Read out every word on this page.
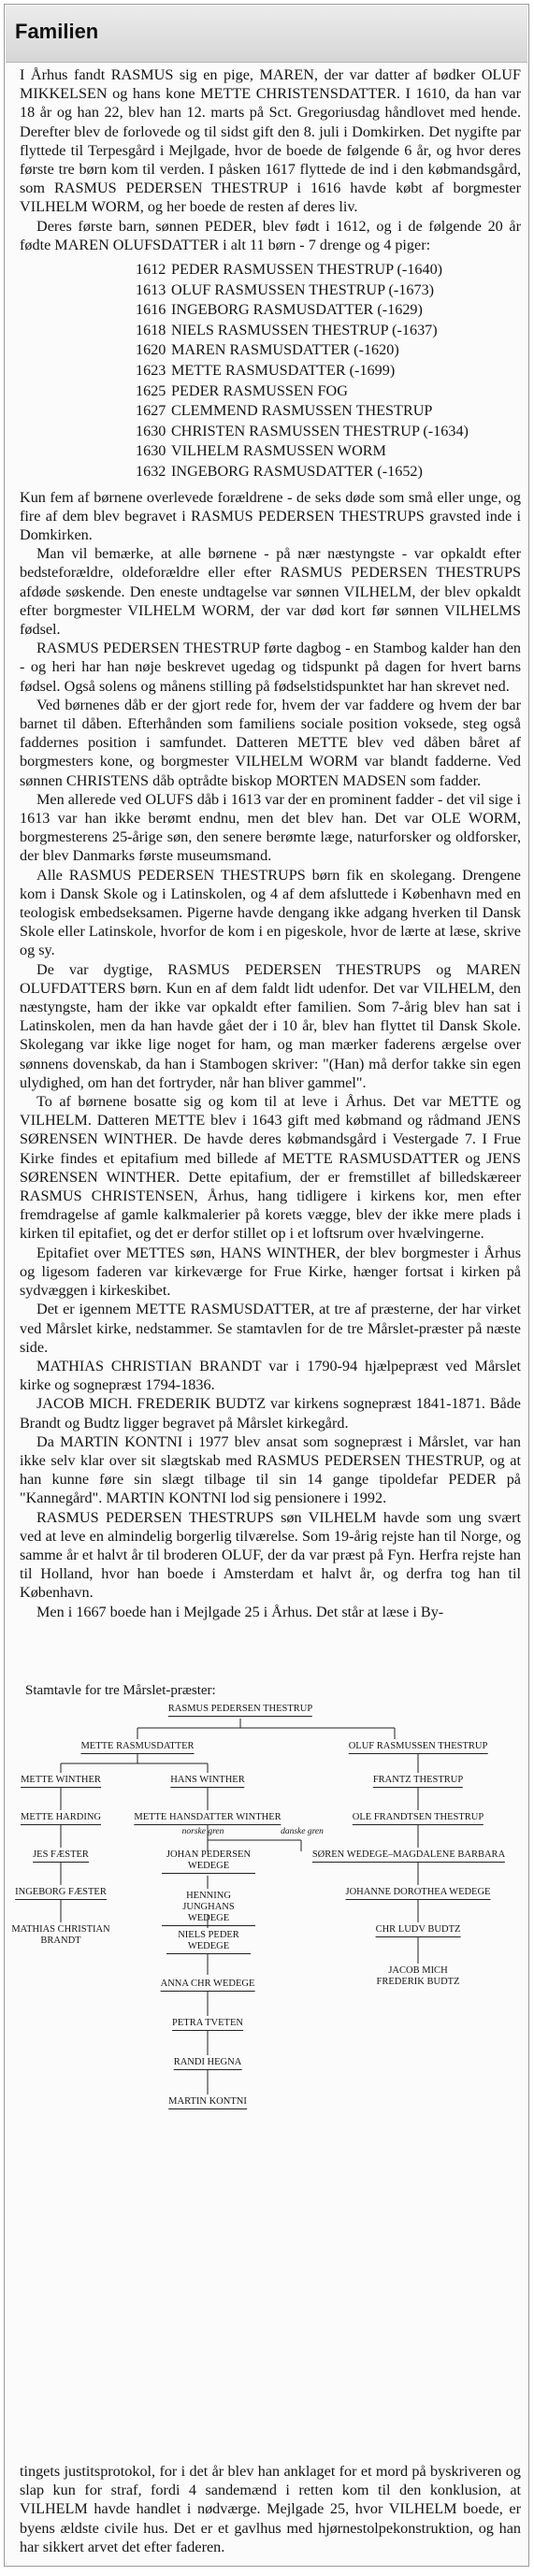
Familien

I Århus fandt RASMUS sig en pige, MAREN, der var datter af bødker OLUF MIKKELSEN og hans kone METTE CHRISTENSDATTER. I 1610, da han var 18 år og han 22, blev han 12. marts på Sct. Gregoriusdag håndlovet med hende. Derefter blev de forlovede og til sidst gift den 8. juli i Domkirken. Det nygifte par flyttede til Terpesgård i Mejlgade, hvor de boede de følgende 6 år, og hvor deres første tre børn kom til verden. I påsken 1617 flyttede de ind i den købmandsgård, som RASMUS PEDERSEN THESTRUP i 1616 havde købt af borgmester VILHELM WORM, og her boede de resten af deres liv.

Deres første barn, sønnen PEDER, blev født i 1612, og i de følgende 20 år fødte MAREN OLUFSDATTER i alt 11 børn - 7 drenge og 4 piger:

1612 PEDER RASMUSSEN THESTRUP (-1640)
1613 OLUF RASMUSSEN THESTRUP (-1673)
1616 INGEBORG RASMUSDATTER (-1629)
1618 NIELS RASMUSSEN THESTRUP (-1637)
1620 MAREN RASMUSDATTER (-1620)
1623 METTE RASMUSDATTER (-1699)
1625 PEDER RASMUSSEN FOG
1627 CLEMMEND RASMUSSEN THESTRUP
1630 CHRISTEN RASMUSSEN THESTRUP (-1634)
1630 VILHELM RASMUSSEN WORM
1632 INGEBORG RASMUSDATTER (-1652)

Kun fem af børnene overlevede forældrene - de seks døde som små eller unge, og fire af dem blev begravet i RASMUS PEDERSEN THESTRUPS gravsted inde i Domkirken.

Man vil bemærke, at alle børnene - på nær næstyngste - var opkaldt efter bedsteforældre, oldeforældre eller efter RASMUS PEDERSEN THESTRUPS afdøde søskende. Den eneste undtagelse var sønnen VILHELM, der blev opkaldt efter borgmester VILHELM WORM, der var død kort før sønnen VILHELMS fødsel.

RASMUS PEDERSEN THESTRUP førte dagbog - en Stambog kalder han den - og heri har han nøje beskrevet ugedag og tidspunkt på dagen for hvert barns fødsel. Også solens og månens stilling på fødselstidspunktet har han skrevet ned.

Ved børnenes dåb er der gjort rede for, hvem der var faddere og hvem der bar barnet til dåben. Efterhånden som familiens sociale position voksede, steg også faddernes position i samfundet. Datteren METTE blev ved dåben båret af borgmesters kone, og borgmester VILHELM WORM var blandt fadderne. Ved sønnen CHRISTENS dåb optrådte biskop MORTEN MADSEN som fadder.

Men allerede ved OLUFS dåb i 1613 var der en prominent fadder - det vil sige i 1613 var han ikke berømt endnu, men det blev han. Det var OLE WORM, borgmesterens 25-årige søn, den senere berømte læge, naturforsker og oldforsker, der blev Danmarks første museumsmand.

Alle RASMUS PEDERSEN THESTRUPS børn fik en skolegang. Drengene kom i Dansk Skole og i Latinskolen, og 4 af dem afsluttede i København med en teologisk embedseksamen. Pigerne havde dengang ikke adgang hverken til Dansk Skole eller Latinskole, hvorfor de kom i en pigeskole, hvor de lærte at læse, skrive og sy.

De var dygtige, RASMUS PEDERSEN THESTRUPS og MAREN OLUFDATTERS børn. Kun en af dem faldt lidt udenfor. Det var VILHELM, den næstyngste, ham der ikke var opkaldt efter familien. Som 7-årig blev han sat i Latinskolen, men da han havde gået der i 10 år, blev han flyttet til Dansk Skole. Skolegang var ikke lige noget for ham, og man mærker faderens ærgelse over sønnens dovenskab, da han i Stambogen skriver: "(Han) må derfor takke sin egen ulydighed, om han det fortryder, når han bliver gammel".

To af børnene bosatte sig og kom til at leve i Århus. Det var METTE og VILHELM. Datteren METTE blev i 1643 gift med købmand og rådmand JENS SØRENSEN WINTHER. De havde deres købmandsgård i Vestergade 7. I Frue Kirke findes et epitafium med billede af METTE RASMUSDATTER og JENS SØRENSEN WINTHER. Dette epitafium, der er fremstillet af billedskæreer RASMUS CHRISTENSEN, Århus, hang tidligere i kirkens kor, men efter fremdragelse af gamle kalkmalerier på korets vægge, blev der ikke mere plads i kirken til epitafiet, og det er derfor stillet op i et loftsrum over hvælvingerne.

Epitafiet over METTES søn, HANS WINTHER, der blev borgmester i Århus og ligesom faderen var kirkeværge for Frue Kirke, hænger fortsat i kirken på sydvæggen i kirkeskibet.

Det er igennem METTE RASMUSDATTER, at tre af præsterne, der har virket ved Mårslet kirke, nedstammer. Se stamtavlen for de tre Mårslet-præster på næste side.

MATHIAS CHRISTIAN BRANDT var i 1790-94 hjælpepræst ved Mårslet kirke og sognepræst 1794-1836.

JACOB MICH. FREDERIK BUDTZ var kirkens sognepræst 1841-1871. Både Brandt og Budtz ligger begravet på Mårslet kirkegård.

Da MARTIN KONTNI i 1977 blev ansat som sognepræst i Mårslet, var han ikke selv klar over sit slægtskab med RASMUS PEDERSEN THESTRUP, og at han kunne føre sin slægt tilbage til sin 14 gange tipoldefar PEDER på "Kannegård". MARTIN KONTNI lod sig pensionere i 1992.

RASMUS PEDERSEN THESTRUPS søn VILHELM havde som ung svært ved at leve en almindelig borgerlig tilværelse. Som 19-årig rejste han til Norge, og samme år et halvt år til broderen OLUF, der da var præst på Fyn. Herfra rejste han til Holland, hvor han boede i Amsterdam et halvt år, og derfra tog han til København.

Men i 1667 boede han i Mejlgade 25 i Århus. Det står at læse i By-

Stamtavle for tre Mårslet-præster:
RASMUS PEDERSEN THESTRUP
METTE RASMUSDATTER	OLUF RASMUSSEN THESTRUP
METTE WINTHER	HANS WINTHER	FRANTZ THESTRUP
METTE HARDING	METTE HANSDATTER WINTHER	OLE FRANDTSEN THESTRUP
norske gren	danske gren
JES FÆSTER	JOHAN PEDERSEN WEDEGE
SØREN WEDEGE–MAGDALENE BARBARA
INGEBORG FÆSTER	HENNING JUNGHANS WEDEGE
JOHANNE DOROTHEA WEDEGE
MATHIAS CHRISTIAN BRANDT
CHR LUDV BUDTZ
NIELS PEDER WEDEGE
JACOB MICH FREDERIK BUDTZ
ANNA CHR WEDEGE
PETRA TVETEN
RANDI HEGNA
MARTIN KONTNI

tingets justitsprotokol, for i det år blev han anklaget for et mord på byskriveren og slap kun for straf, fordi 4 sandemænd i retten kom til den konklusion, at VILHELM havde handlet i nødværge. Mejlgade 25, hvor VILHELM boede, er byens ældste civile hus. Det er et gavlhus med hjørnestolpekonstruktion, og han har sikkert arvet det efter faderen.
